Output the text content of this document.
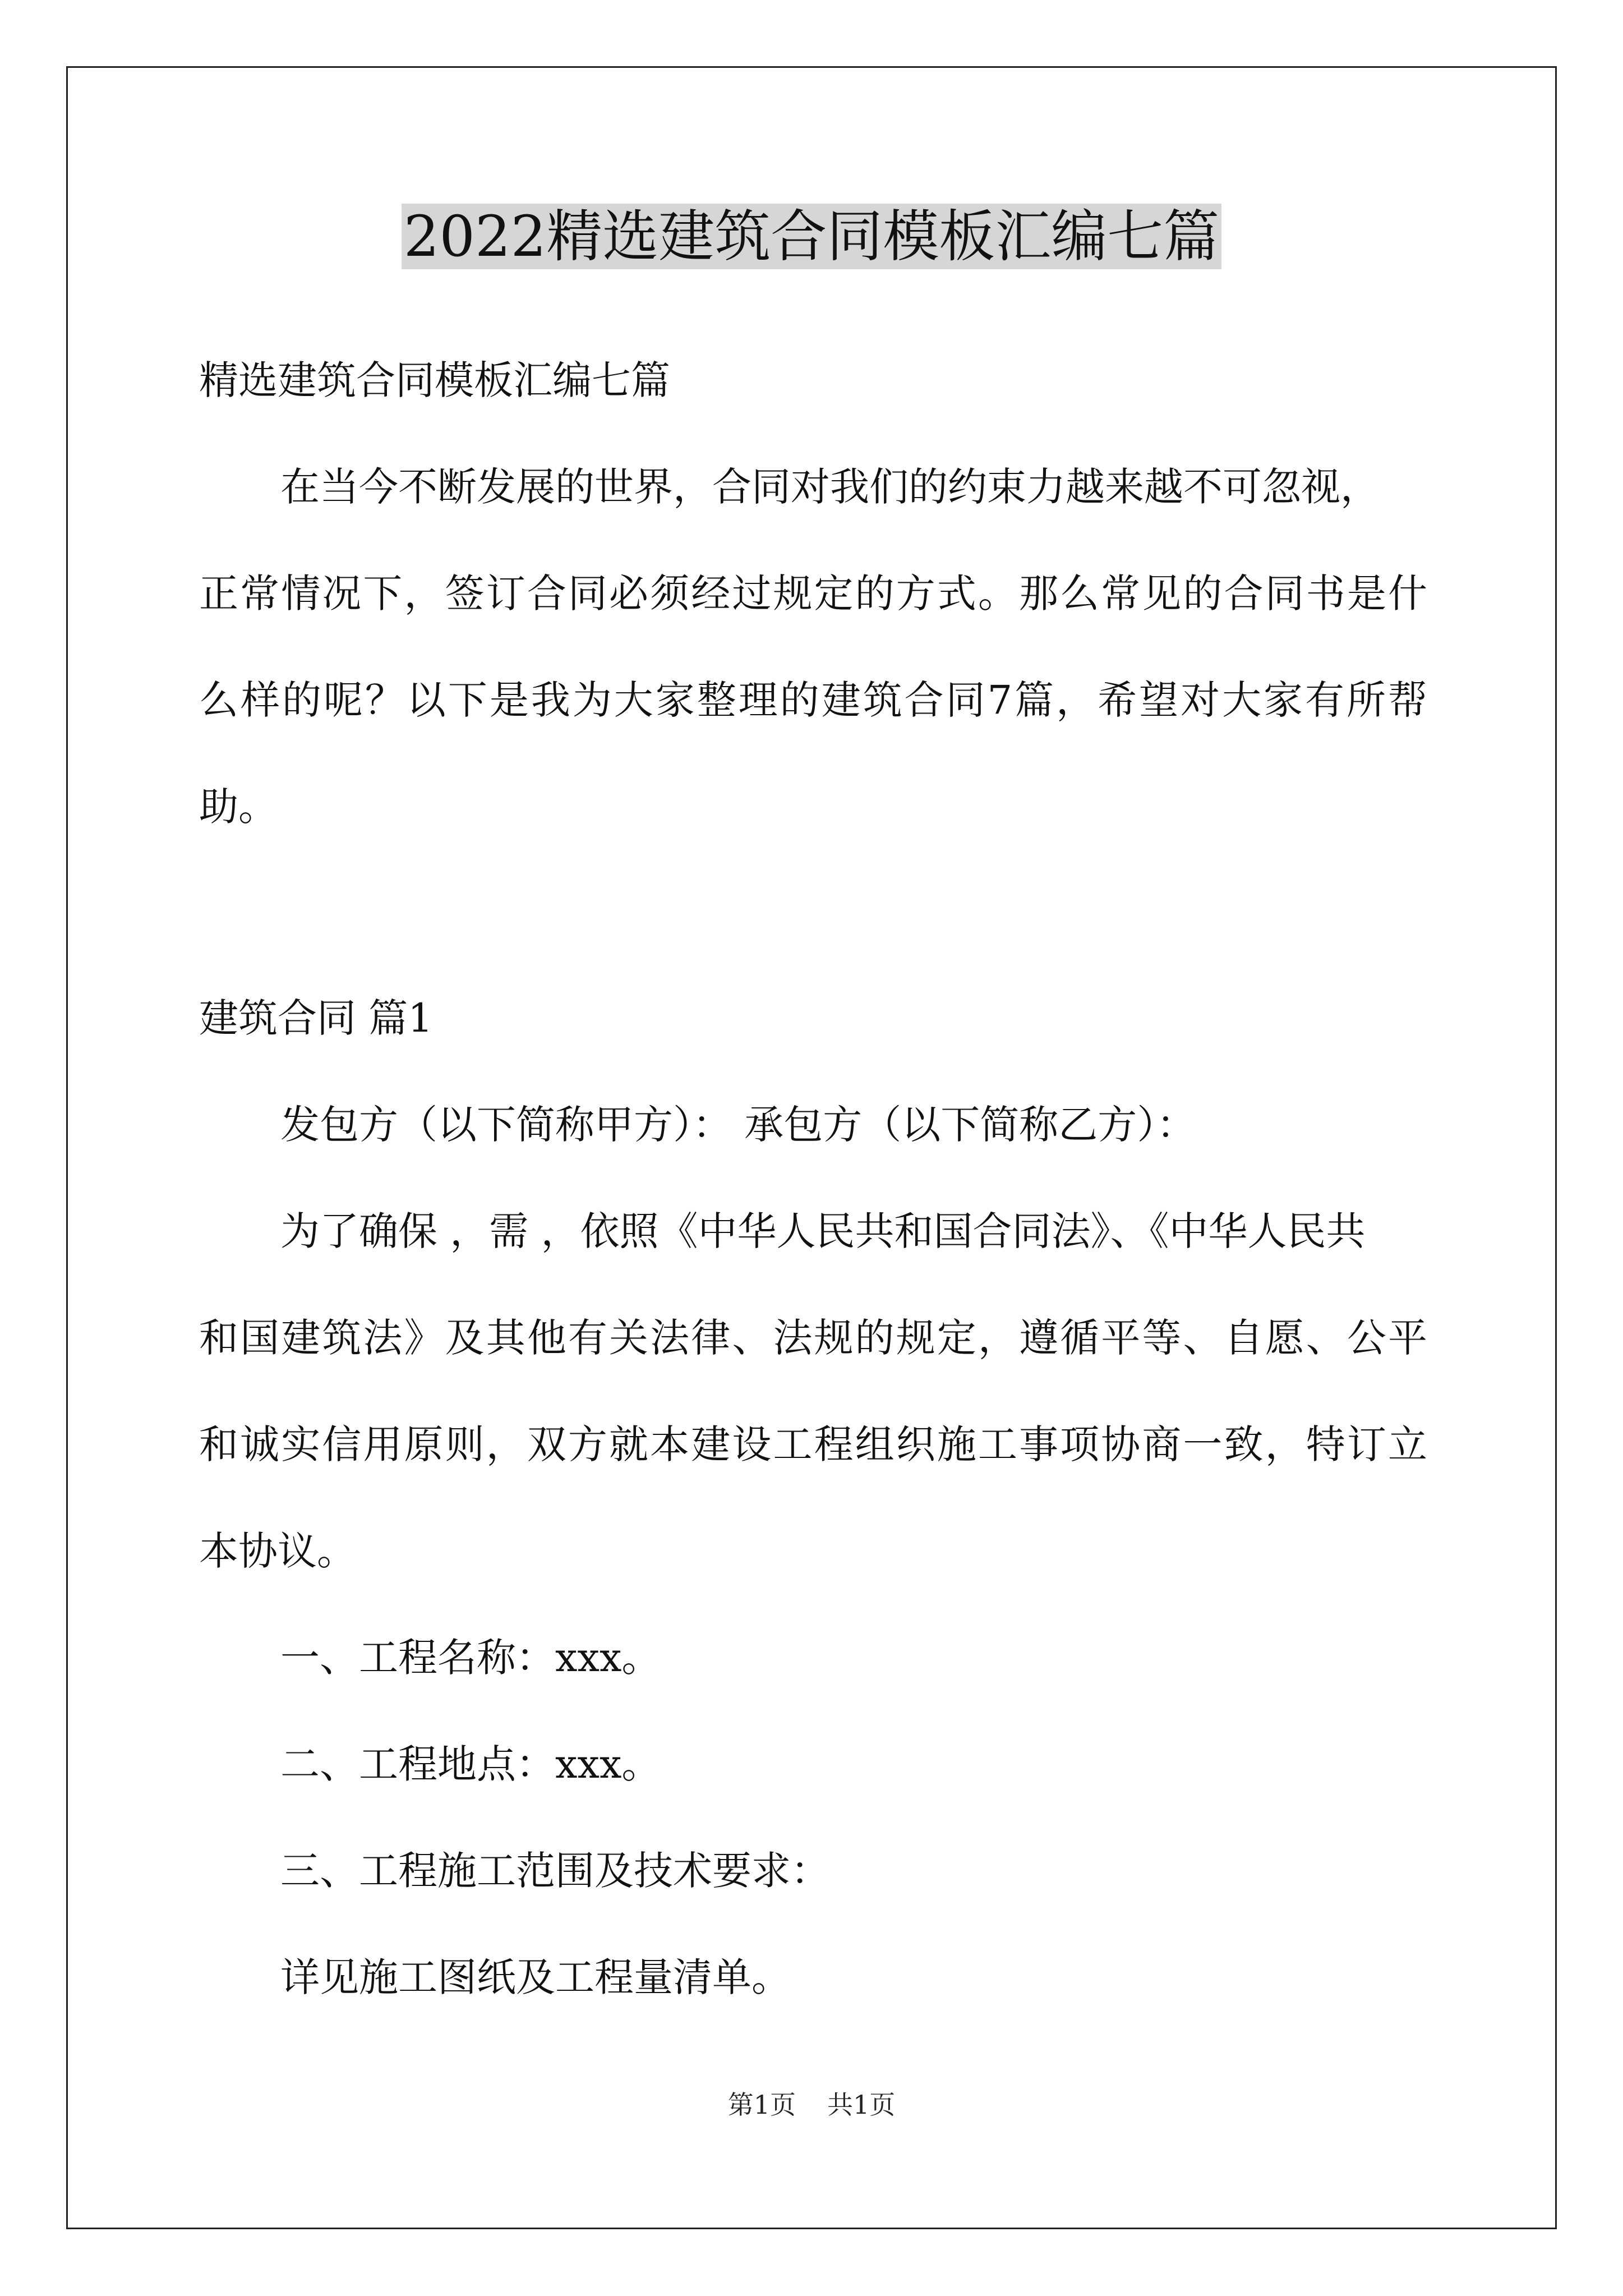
2022精选建筑合同模板汇编七篇

精选建筑合同模板汇编七篇

在当今不断发展的世界，合同对我们的约束力越来越不可忽视，

正常情况下，签订合同必须经过规定的方式。那么常见的合同书是什

么样的呢？以下是我为大家整理的建筑合同7篇，希望对大家有所帮

助。

建筑合同 篇1

发包方（以下简称甲方）： 承包方（以下简称乙方）：

为了确保 ，需 ，依照《中华人民共和国合同法》、《中华人民共

和国建筑法》及其他有关法律、法规的规定，遵循平等、自愿、公平

和诚实信用原则，双方就本建设工程组织施工事项协商一致，特订立

本协议。

一、工程名称：xxx。

二、工程地点：xxx。

三、工程施工范围及技术要求：

详见施工图纸及工程量清单。

第1页 共1页
